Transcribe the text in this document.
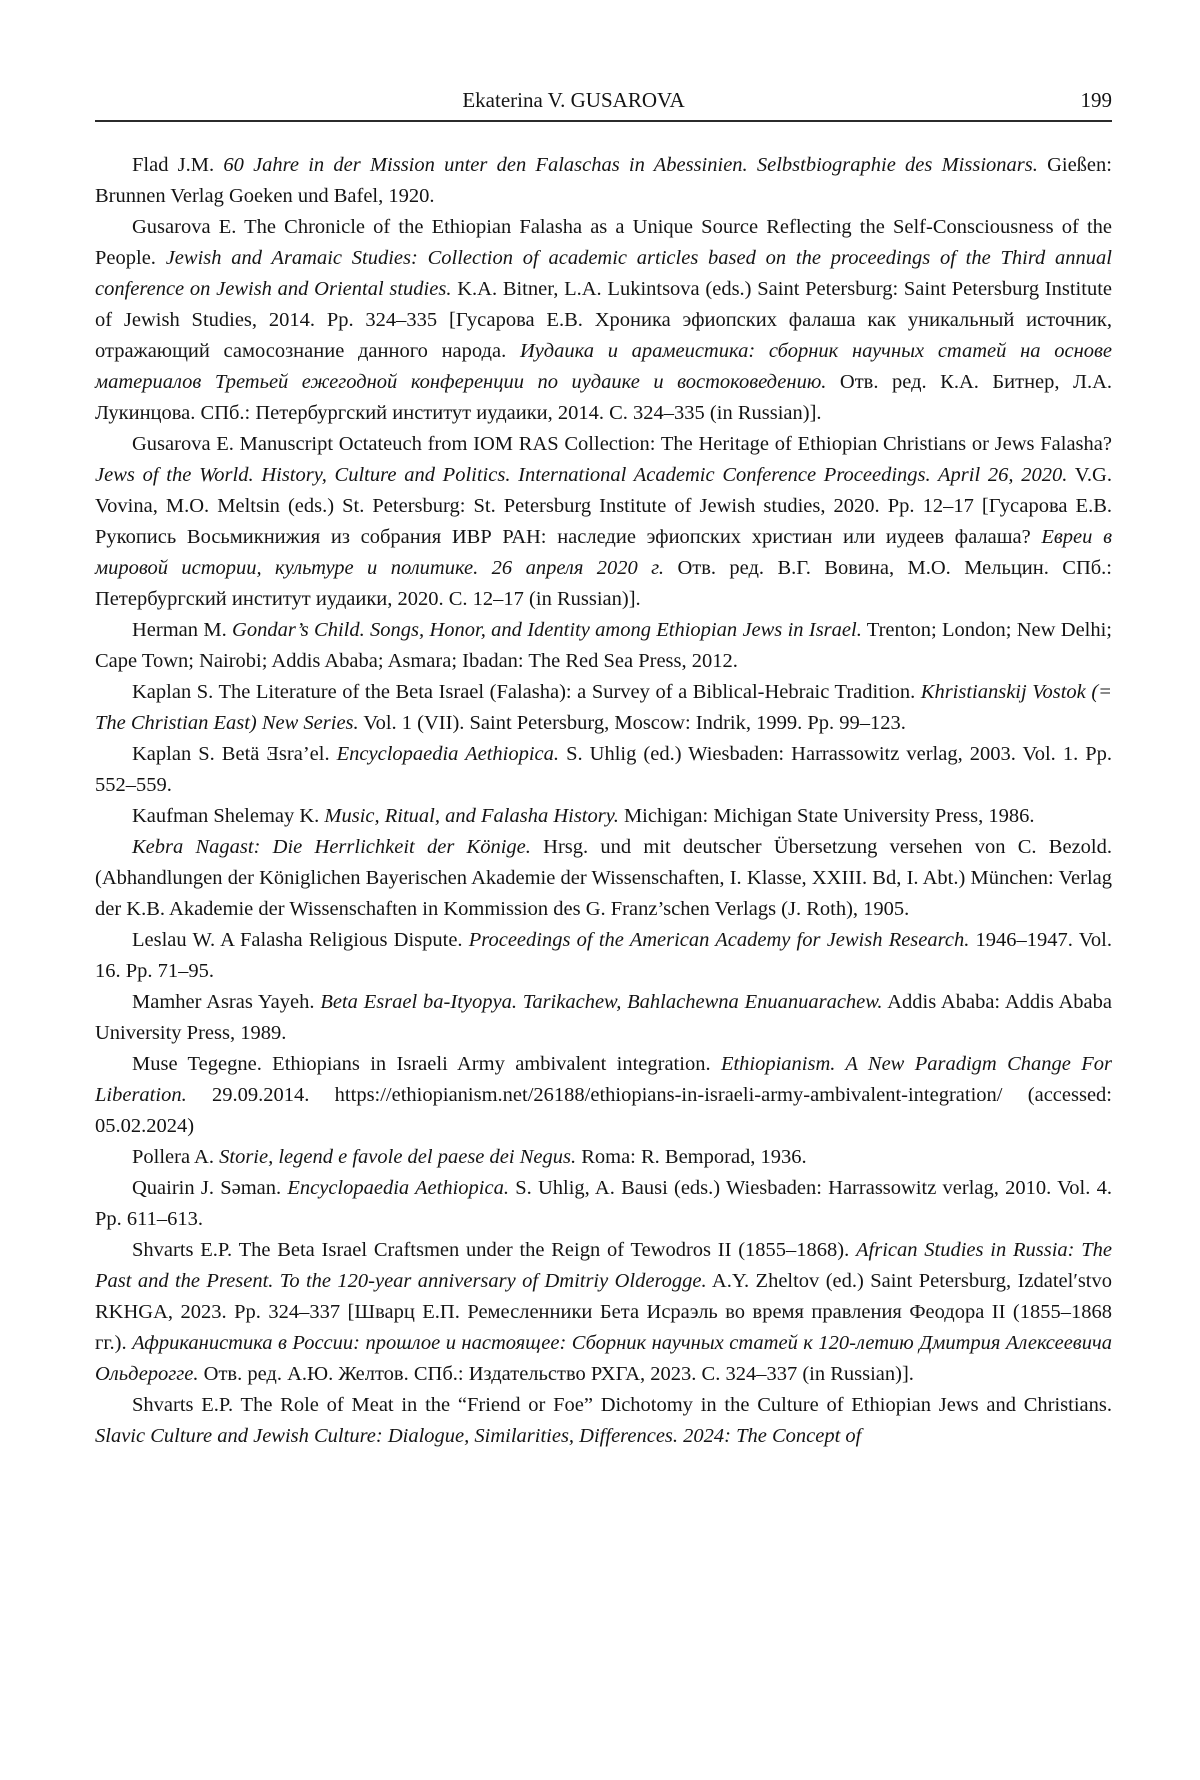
Ekaterina V. GUSAROVA	199

Flad J.M. 60 Jahre in der Mission unter den Falaschas in Abessinien. Selbstbiographie des Missionars. Gießen: Brunnen Verlag Goeken und Bafel, 1920.

Gusarova E. The Chronicle of the Ethiopian Falasha as a Unique Source Reflecting the Self-Consciousness of the People. Jewish and Aramaic Studies: Collection of academic articles based on the proceedings of the Third annual conference on Jewish and Oriental studies. K.A. Bitner, L.A. Lukintsova (eds.) Saint Petersburg: Saint Petersburg Institute of Jewish Studies, 2014. Pp. 324–335 [Гусарова Е.В. Хроника эфиопских фалаша как уникальный источник, отражающий самосознание данного народа. Иудаика и арамеистика: сборник научных статей на основе материалов Третьей ежегодной конференции по иудаике и востоковедению. Отв. ред. К.А. Битнер, Л.А. Лукинцова. СПб.: Петербургский институт иудаики, 2014. С. 324–335 (in Russian)].

Gusarova E. Manuscript Octateuch from IOM RAS Collection: The Heritage of Ethiopian Christians or Jews Falasha? Jews of the World. History, Culture and Politics. International Academic Conference Proceedings. April 26, 2020. V.G. Vovina, M.O. Meltsin (eds.) St. Petersburg: St. Petersburg Institute of Jewish studies, 2020. Pp. 12–17 [Гусарова Е.В. Рукопись Восьмикнижия из собрания ИВР РАН: наследие эфиопских христиан или иудеев фалаша? Евреи в мировой истории, культуре и политике. 26 апреля 2020 г. Отв. ред. В.Г. Вовина, М.О. Мельцин. СПб.: Петербургский институт иудаики, 2020. С. 12–17 (in Russian)].

Herman M. Gondar’s Child. Songs, Honor, and Identity among Ethiopian Jews in Israel. Trenton; London; New Delhi; Cape Town; Nairobi; Addis Ababa; Asmara; Ibadan: The Red Sea Press, 2012.

Kaplan S. The Literature of the Beta Israel (Falasha): a Survey of a Biblical-Hebraic Tradition. Khristianskij Vostok (= The Christian East) New Series. Vol. 1 (VII). Saint Petersburg, Moscow: Indrik, 1999. Pp. 99–123.

Kaplan S. Betä Ǝsra’el. Encyclopaedia Aethiopica. S. Uhlig (ed.) Wiesbaden: Harrassowitz verlag, 2003. Vol. 1. Pp. 552–559.

Kaufman Shelemay K. Music, Ritual, and Falasha History. Michigan: Michigan State University Press, 1986.

Kebra Nagast: Die Herrlichkeit der Könige. Hrsg. und mit deutscher Übersetzung versehen von C. Bezold. (Abhandlungen der Königlichen Bayerischen Akademie der Wissenschaften, I. Klasse, XXIII. Bd, I. Abt.) München: Verlag der K.B. Akademie der Wissenschaften in Kommission des G. Franz’schen Verlags (J. Roth), 1905.

Leslau W. A Falasha Religious Dispute. Proceedings of the American Academy for Jewish Research. 1946–1947. Vol. 16. Pp. 71–95.

Mamher Asras Yayeh. Beta Esrael ba-Ityopya. Tarikachew, Bahlachewna Enuanuarachew. Addis Ababa: Addis Ababa University Press, 1989.

Muse Tegegne. Ethiopians in Israeli Army ambivalent integration. Ethiopianism. A New Paradigm Change For Liberation. 29.09.2014. https://ethiopianism.net/26188/ethiopians-in-israeli-army-ambivalent-integration/ (accessed: 05.02.2024)

Pollera A. Storie, legend e favole del paese dei Negus. Roma: R. Bemporad, 1936.

Quairin J. Səman. Encyclopaedia Aethiopica. S. Uhlig, A. Bausi (eds.) Wiesbaden: Harrassowitz verlag, 2010. Vol. 4. Pp. 611–613.

Shvarts E.P. The Beta Israel Craftsmen under the Reign of Tewodros II (1855–1868). African Studies in Russia: The Past and the Present. To the 120-year anniversary of Dmitriy Olderogge. A.Y. Zheltov (ed.) Saint Petersburg, Izdatel′stvo RKHGA, 2023. Pp. 324–337 [Шварц Е.П. Ремесленники Бета Исраэль во время правления Феодора II (1855–1868 гг.). Африканистика в России: прошлое и настоящее: Сборник научных статей к 120-летию Дмитрия Алексеевича Ольдерогге. Отв. ред. А.Ю. Желтов. СПб.: Издательство РХГА, 2023. С. 324–337 (in Russian)].

Shvarts E.P. The Role of Meat in the “Friend or Foe” Dichotomy in the Culture of Ethiopian Jews and Christians. Slavic Culture and Jewish Culture: Dialogue, Similarities, Differences. 2024: The Concept of
